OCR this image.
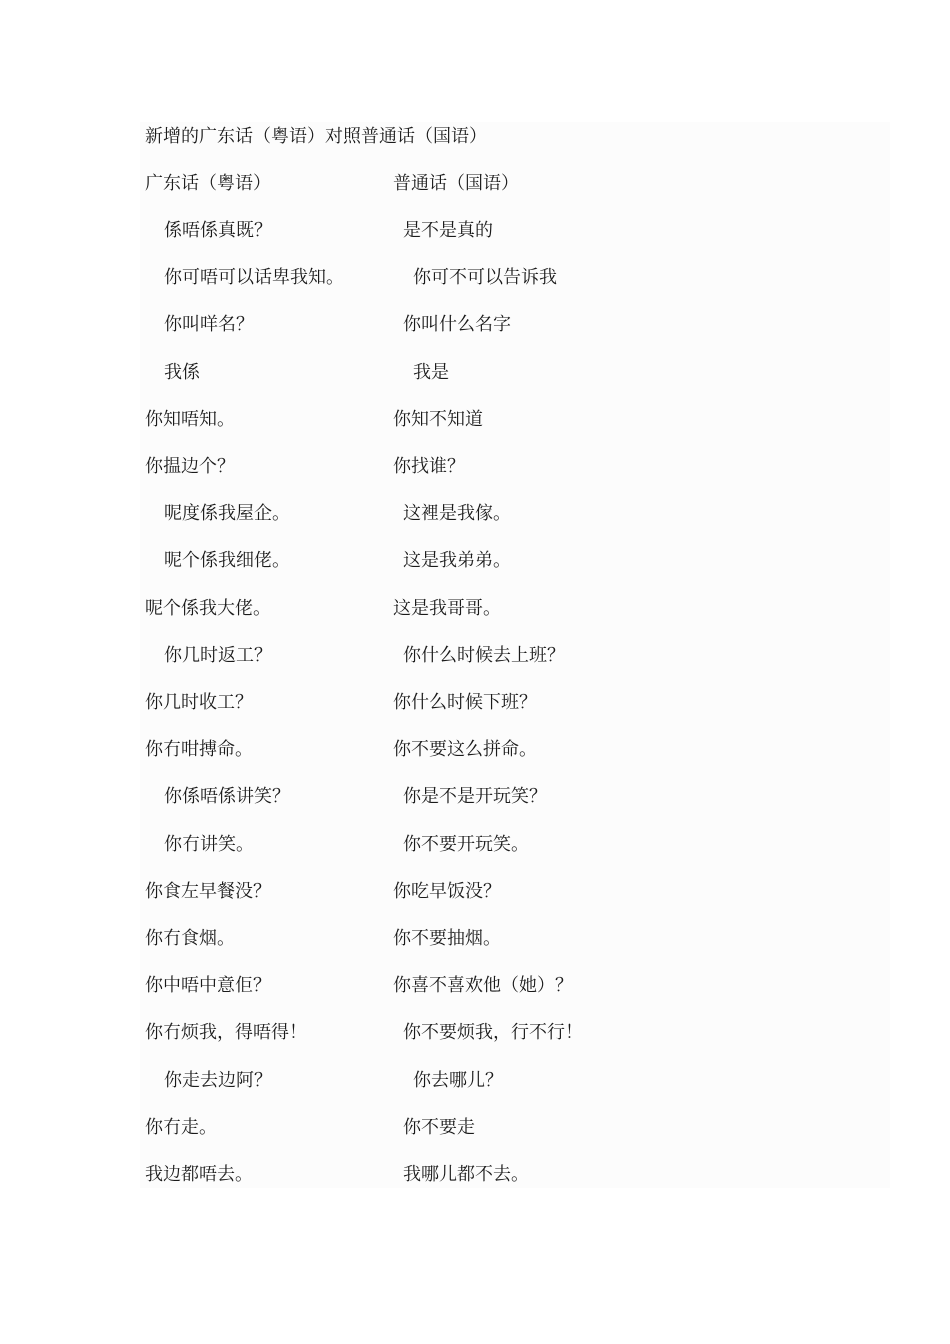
新增的广东话（粤语）对照普通话（国语）
广东话（粤语）	普通话（国语）
係唔係真既？	是不是真的
你可唔可以话卑我知。	你可不可以告诉我
你叫咩名？	你叫什么名字
我係	我是
你知唔知。	你知不知道
你揾边个？	你找谁？
呢度係我屋企。	这裡是我傢。
呢个係我细佬。	这是我弟弟。
呢个係我大佬。	这是我哥哥。
你几时返工？	你什么时候去上班？
你几时收工？	你什么时候下班？
你冇咁搏命。	你不要这么拼命。
你係唔係讲笑？	你是不是开玩笑？
你冇讲笑。	你不要开玩笑。
你食左早餐没？	你吃早饭没？
你冇食烟。	你不要抽烟。
你中唔中意佢？	你喜不喜欢他（她）？
你冇烦我，得唔得！	你不要烦我，行不行！
你走去边阿？	你去哪儿？
你冇走。	你不要走
我边都唔去。	我哪儿都不去。
